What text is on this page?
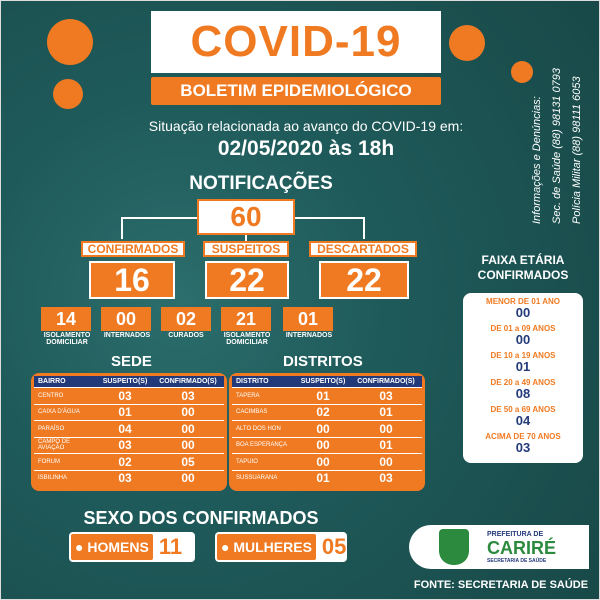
COVID-19
BOLETIM EPIDEMIOLÓGICO
Informações e Denúncias: Sec. de Saúde (88) 98131 0793 Polícia Militar (88) 98111 6053
Situação relacionada ao avanço do COVID-19 em:
02/05/2020 às 18h
NOTIFICAÇÕES
60
CONFIRMADOS	SUSPEITOS	DESCARTADOS
16 22	22
14 00 02
ISOLAMENTO DOMICILIAR
INTERNADOS	CURADOS
21 01
ISOLAMENTO DOMICILIAR
INTERNADOS
FAIXA ETÁRIA CONFIRMADOS
MENOR DE 01 ANO
00
DE 01 a 09 ANOS
00
DE 10 a 19 ANOS
01
DE 20 a 49 ANOS
08
DE 50 a 69 ANOS
04
ACIMA DE 70 ANOS
03
SEDE	DISTRITOS
BAIRRO	SUSPEITO(S)	CONFIRMADO(S)
CENTRO	03	03
CAIXA D'ÁGUA	01	00
PARAÍSO	04	00
CAMPO DE AVIAÇÃO	03	00
FORUM	02	05
ISBILINHA	03	00
DISTRITO	SUSPEITO(S)	CONFIRMADO(S)
TAPERA	01	03
CACIMBAS	02	01
ALTO DOS HON	00	00
BOA ESPERANÇA	00	01
TAPUIO	00	00
SUSSUARANA	01	03
SEXO DOS CONFIRMADOS
● HOMENS 11	● MULHERES 05	PREFEITURA DE
CARIRÉ
SECRETARIA DE SAÚDE
FONTE: SECRETARIA DE SAÚDE
